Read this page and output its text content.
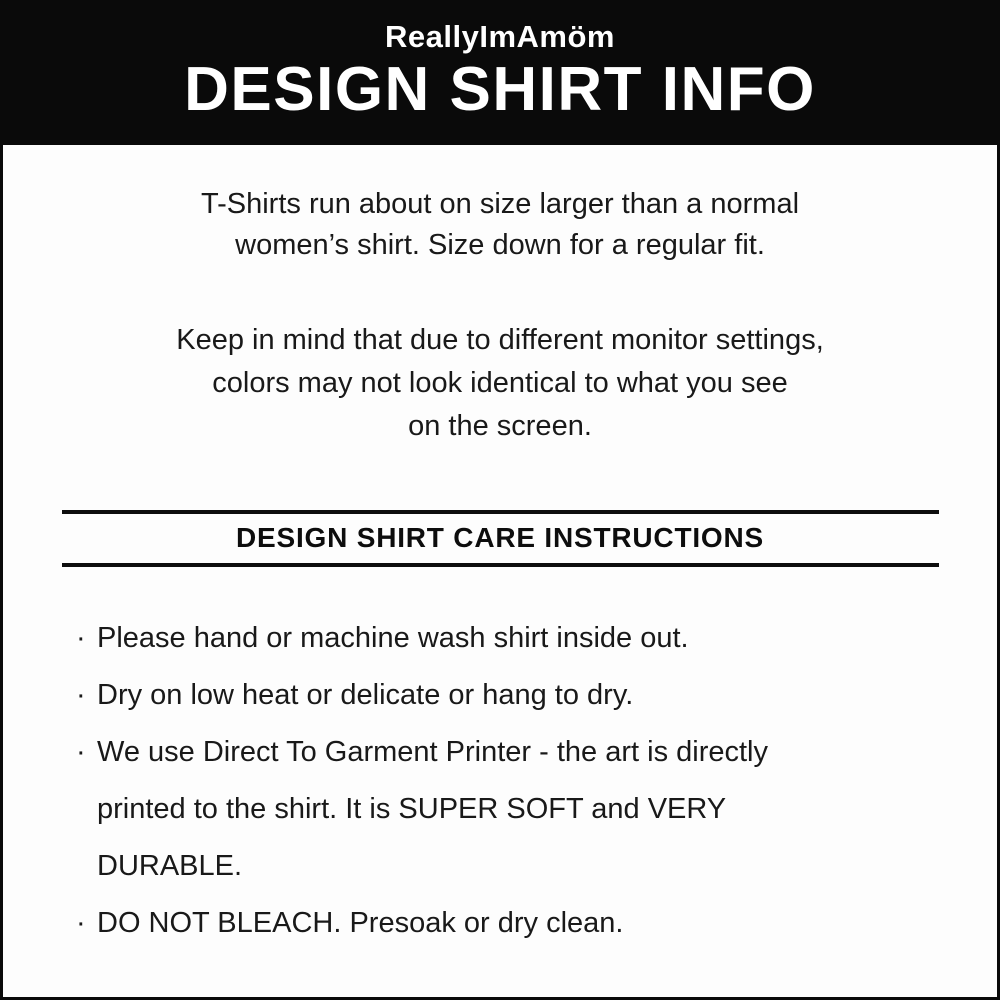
ReallyImAmöm
DESIGN SHIRT INFO
T-Shirts run about on size larger than a normal
women’s shirt. Size down for a regular fit.
Keep in mind that due to different monitor settings,
colors may not look identical to what you see
on the screen.
DESIGN SHIRT CARE INSTRUCTIONS
· Please hand or machine wash shirt inside out.
· Dry on low heat or delicate or hang to dry.
· We use Direct To Garment Printer - the art is directly
printed to the shirt. It is SUPER SOFT and VERY
DURABLE.
· DO NOT BLEACH. Presoak or dry clean.
